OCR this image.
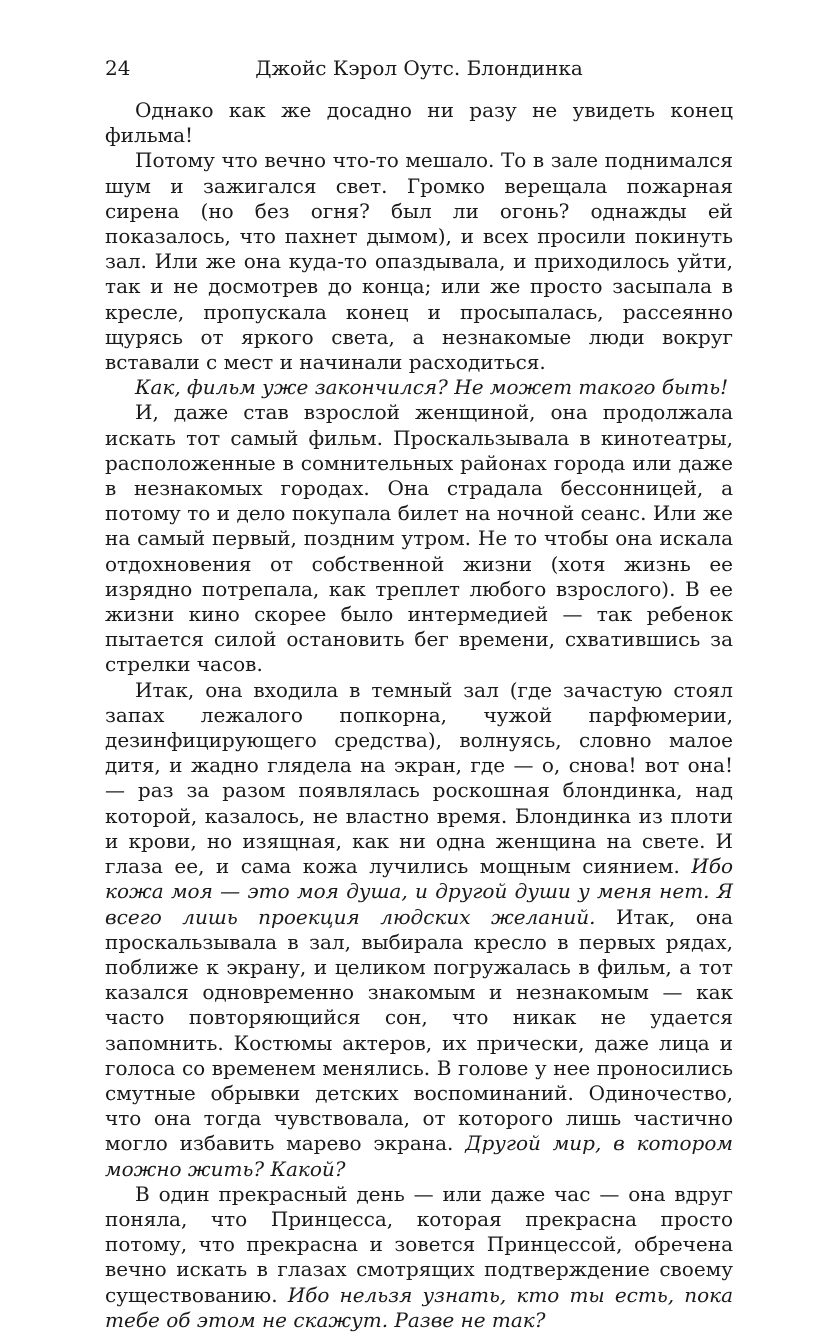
24	Джойс Кэрол Оутс. Блондинка

Однако как же досадно ни разу не увидеть конец фильма!

Потому что вечно что-то мешало. То в зале поднимался шум и зажигался свет. Громко верещала пожарная сирена (но без огня? был ли огонь? однажды ей показалось, что пахнет дымом), и всех просили покинуть зал. Или же она куда-то опаздывала, и приходилось уйти, так и не досмотрев до конца; или же просто засыпала в кресле, пропускала конец и просыпалась, рассеянно щурясь от яркого света, а незнакомые люди вокруг вставали с мест и начинали расходиться.

Как, фильм уже закончился? Не может такого быть!

И, даже став взрослой женщиной, она продолжала искать тот самый фильм. Проскальзывала в кинотеатры, расположенные в сомнительных районах города или даже в незнакомых городах. Она страдала бессонницей, а потому то и дело покупала билет на ночной сеанс. Или же на самый первый, поздним утром. Не то чтобы она искала отдохновения от собственной жизни (хотя жизнь ее изрядно потрепала, как треплет любого взрослого). В ее жизни кино скорее было интермедией — так ребенок пытается силой остановить бег времени, схватившись за стрелки часов.

Итак, она входила в темный зал (где зачастую стоял запах лежалого попкорна, чужой парфюмерии, дезинфицирующего средства), волнуясь, словно малое дитя, и жадно глядела на экран, где — о, снова! вот она! — раз за разом появлялась роскошная блондинка, над которой, казалось, не властно время. Блондинка из плоти и крови, но изящная, как ни одна женщина на свете. И глаза ее, и сама кожа лучились мощным сиянием. Ибо кожа моя — это моя душа, и другой души у меня нет. Я всего лишь проекция людских желаний. Итак, она проскальзывала в зал, выбирала кресло в первых рядах, поближе к экрану, и целиком погружалась в фильм, а тот казался одновременно знакомым и незнакомым — как часто повторяющийся сон, что никак не удается запомнить. Костюмы актеров, их прически, даже лица и голоса со временем менялись. В голове у нее проносились смутные обрывки детских воспоминаний. Одиночество, что она тогда чувствовала, от которого лишь частично могло избавить марево экрана. Другой мир, в котором можно жить? Какой?

В один прекрасный день — или даже час — она вдруг поняла, что Принцесса, которая прекрасна просто потому, что прекрасна и зовется Принцессой, обречена вечно искать в глазах смотрящих подтверждение своему существованию. Ибо нельзя узнать, кто ты есть, пока тебе об этом не скажут. Разве не так?
